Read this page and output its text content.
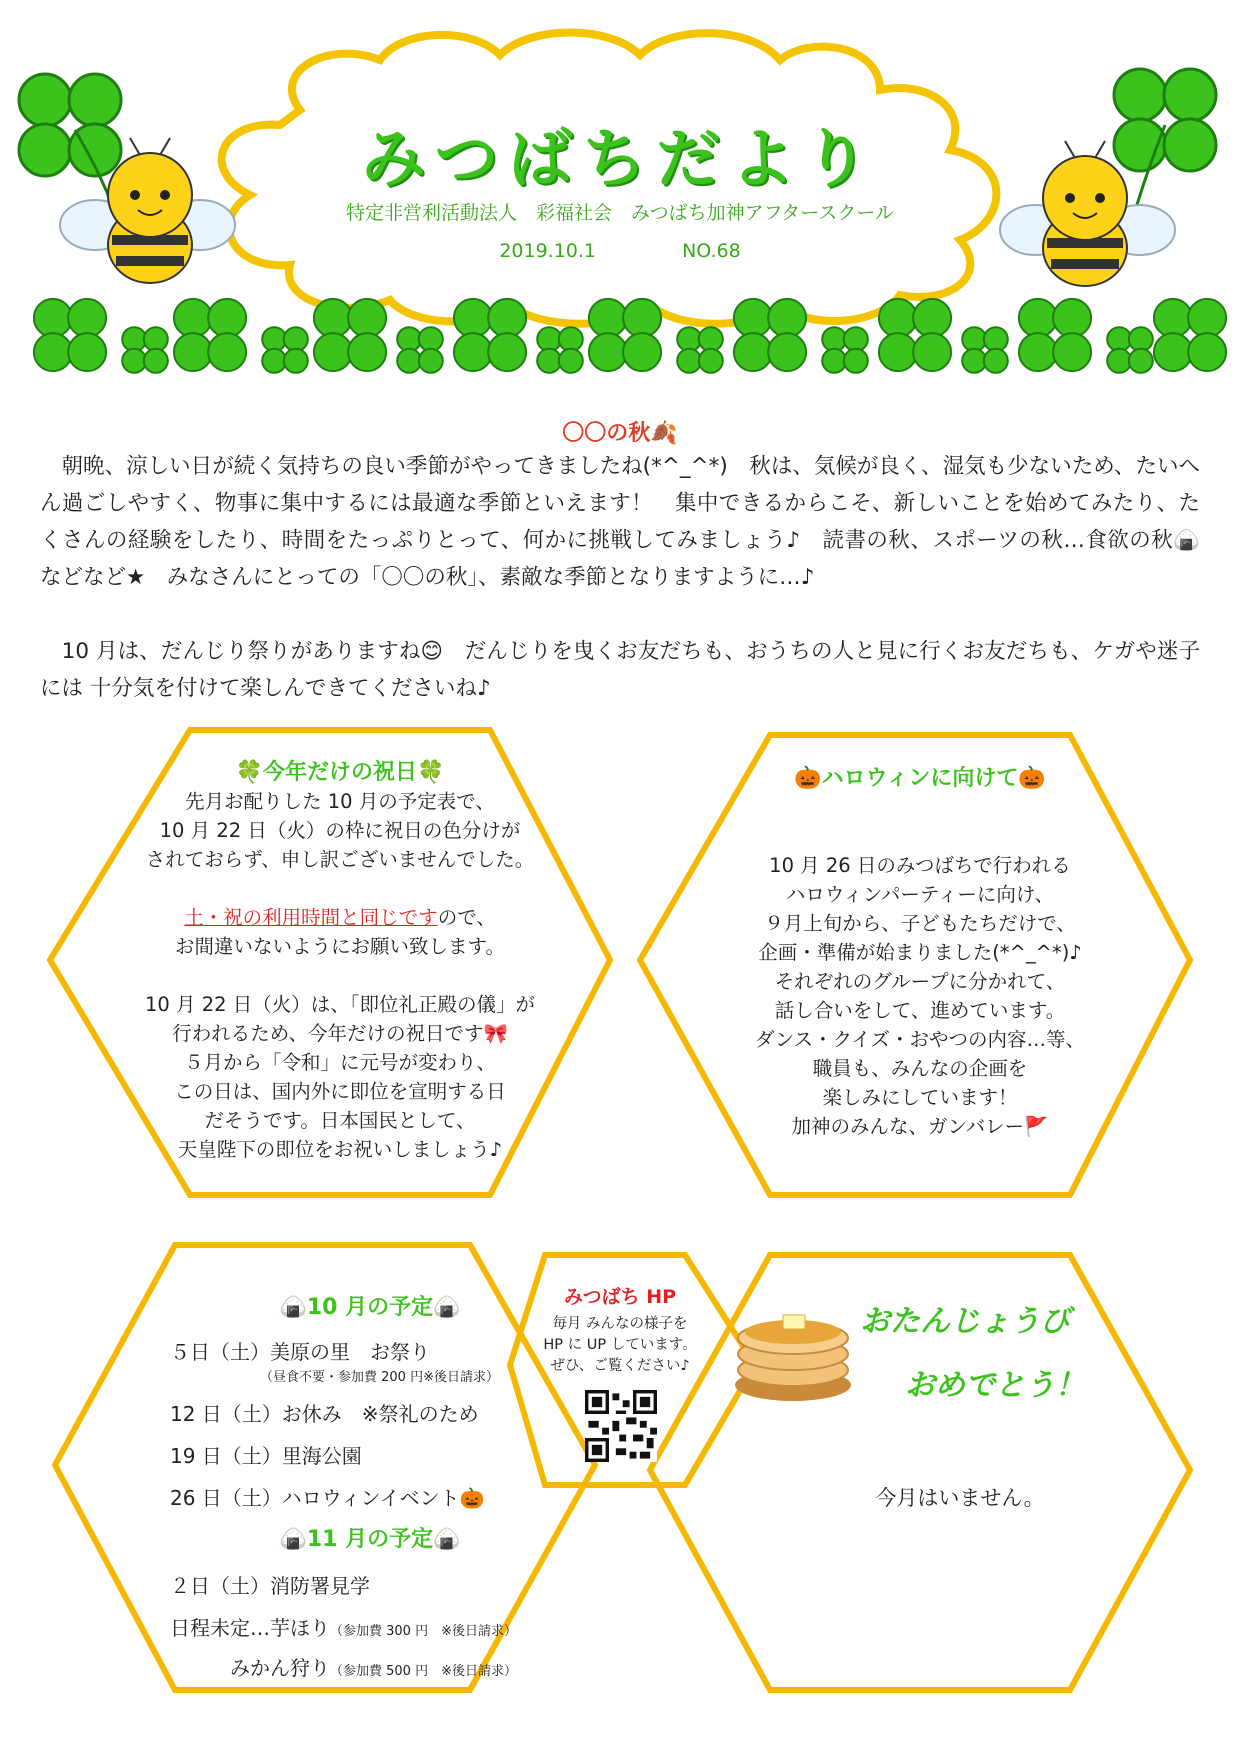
みつばちだより
特定非営利活動法人　彩福社会　みつばち加神アフタースクール
2019.10.1	NO.68
〇〇の秋🍂

　朝晩、涼しい日が続く気持ちの良い季節がやってきましたね(*^_^*)　秋は、気候が良く、湿気も少ないため、たいへん過ごしやすく、物事に集中するには最適な季節といえます！　集中できるからこそ、新しいことを始めてみたり、たくさんの経験をしたり、時間をたっぷりとって、何かに挑戦してみましょう♪　読書の秋、スポーツの秋…食欲の秋🍙　などなど★　みなさんにとっての「〇〇の秋」、素敵な季節となりますように…♪

　10 月は、だんじり祭りがありますね😊　だんじりを曳くお友だちも、おうちの人と見に行くお友だちも、ケガや迷子には 十分気を付けて楽しんできてくださいね♪

🍀今年だけの祝日🍀
先月お配りした 10 月の予定表で、
10 月 22 日（火）の枠に祝日の色分けが
されておらず、申し訳ございませんでした。
土・祝の利用時間と同じですので、
お間違いないようにお願い致します。
10 月 22 日（火）は、「即位礼正殿の儀」が
行われるため、今年だけの祝日です🎀
５月から「令和」に元号が変わり、
この日は、国内外に即位を宣明する日
だそうです。日本国民として、
天皇陛下の即位をお祝いしましょう♪
🎃ハロウィンに向けて🎃
10 月 26 日のみつばちで行われる
ハロウィンパーティーに向け、
９月上旬から、子どもたちだけで、
企画・準備が始まりました(*^_^*)♪
それぞれのグループに分かれて、
話し合いをして、進めています。
ダンス・クイズ・おやつの内容…等、
職員も、みんなの企画を
楽しみにしています！
加神のみんな、ガンバレー🚩
みつばち HP
毎月 みんなの様子を
HP に UP しています。
ぜひ、ご覧ください♪
🍙10 月の予定🍙
５日（土）美原の里　お祭り
（昼食不要・参加費 200 円※後日請求）
12 日（土）お休み　※祭礼のため
19 日（土）里海公園
26 日（土）ハロウィンイベント🎃
🍙11 月の予定🍙
２日（土）消防署見学
日程未定…芋ほり（参加費 300 円　※後日請求）
みかん狩り（参加費 500 円　※後日請求）
おたんじょうび
おめでとう！
今月はいません。
